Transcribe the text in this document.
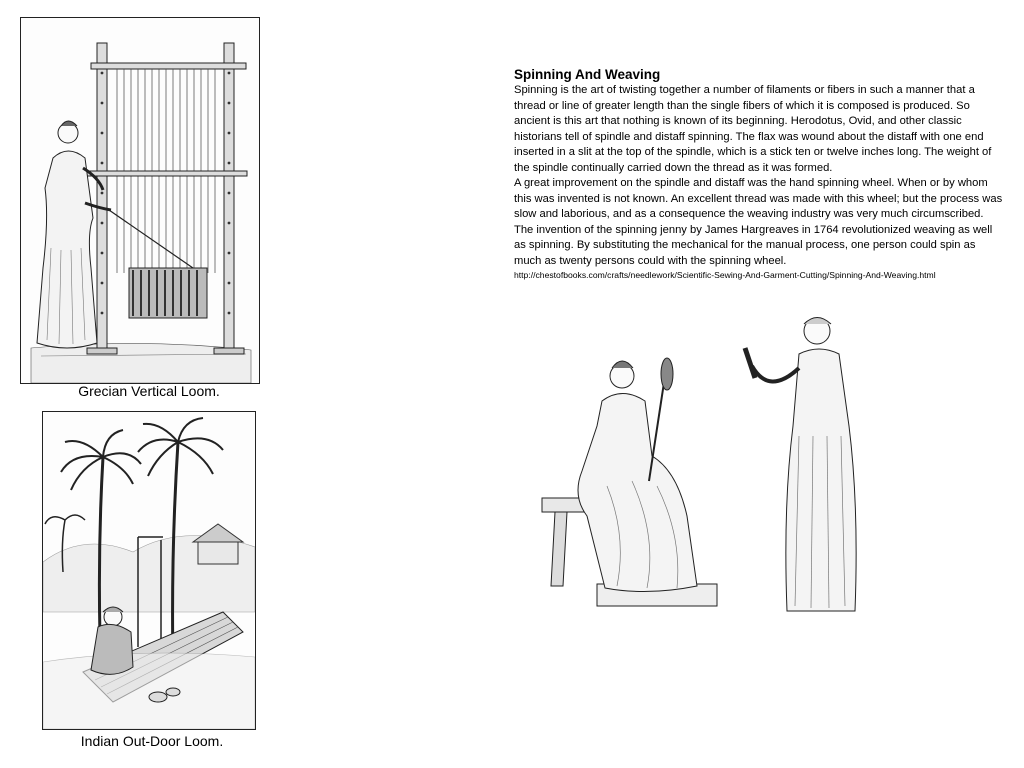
Grecian Vertical Loom.
Indian Out-Door Loom.
Spinning And Weaving

Spinning is the art of twisting together a number of filaments or fibers in such a manner that a thread or line of greater length than the single fibers of which it is composed is produced. So ancient is this art that nothing is known of its beginning. Herodotus, Ovid, and other classic historians tell of spindle and distaff spinning. The flax was wound about the distaff with one end inserted in a slit at the top of the spindle, which is a stick ten or twelve inches long. The weight of the spindle continually carried down the thread as it was formed.

A great improvement on the spindle and distaff was the hand spinning wheel. When or by whom this was invented is not known. An excellent thread was made with this wheel; but the process was slow and laborious, and as a consequence the weaving industry was very much circumscribed. The invention of the spinning jenny by James Hargreaves in 1764 revolutionized weaving as well as spinning. By substituting the mechanical for the manual process, one person could spin as much as twenty persons could with the spinning wheel.

http://chestofbooks.com/crafts/needlework/Scientific-Sewing-And-Garment-Cutting/Spinning-And-Weaving.html
